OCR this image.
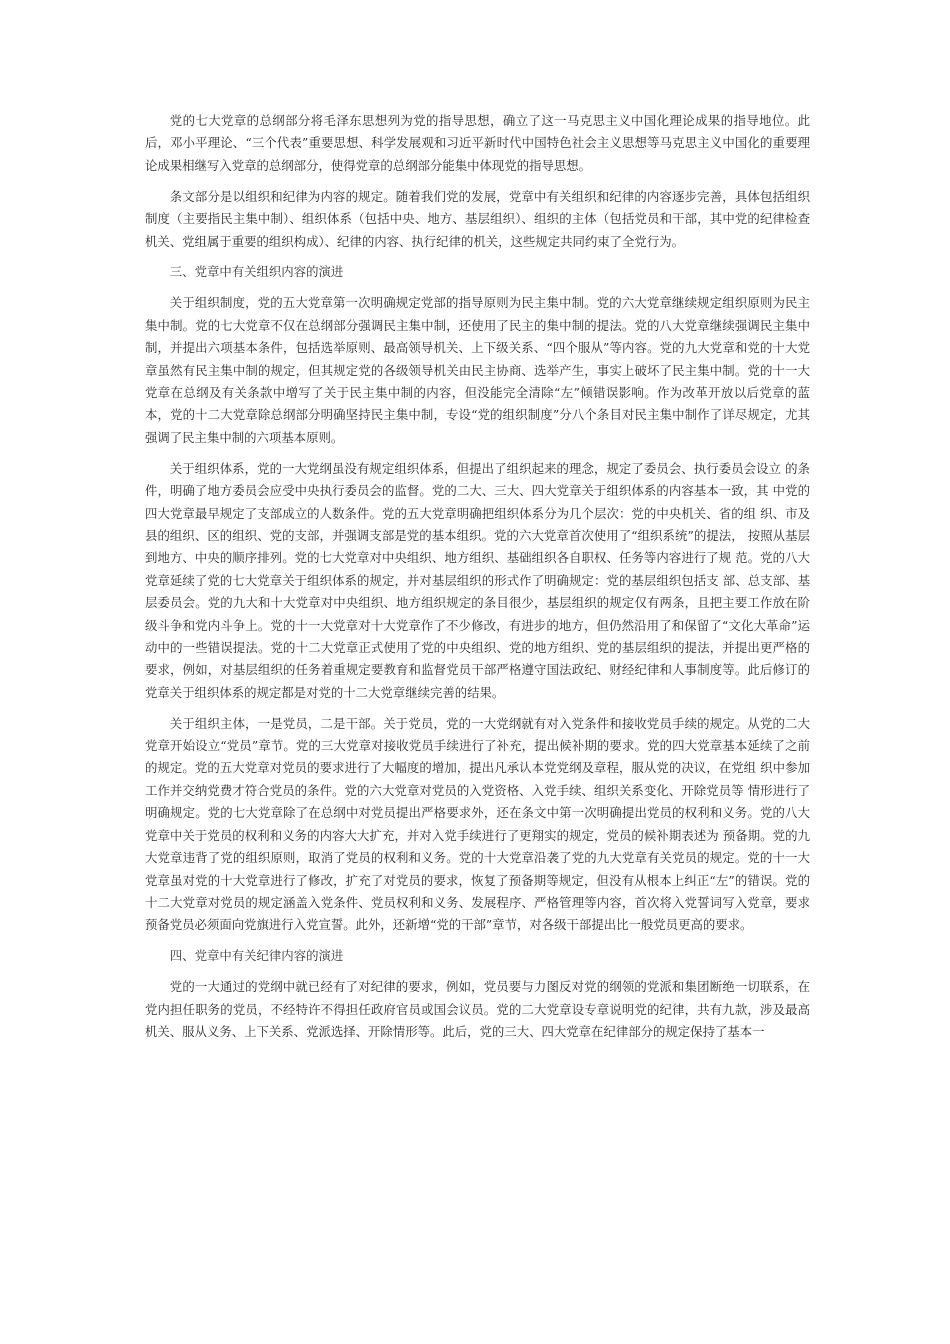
党的七大党章的总纲部分将毛泽东思想列为党的指导思想，确立了这一马克思主义中国化理论成果的指导地位。此后，邓小平理论、“三个代表”重要思想、科学发展观和习近平新时代中国特色社会主义思想等马克思主义中国化的重要理论成果相继写入党章的总纲部分，使得党章的总纲部分能集中体现党的指导思想。

条文部分是以组织和纪律为内容的规定。随着我们党的发展，党章中有关组织和纪律的内容逐步完善，具体包括组织制度（主要指民主集中制）、组织体系（包括中央、地方、基层组织）、组织的主体（包括党员和干部，其中党的纪律检查机关、党组属于重要的组织构成）、纪律的内容、执行纪律的机关，这些规定共同约束了全党行为。

三、党章中有关组织内容的演进

关于组织制度，党的五大党章第一次明确规定党部的指导原则为民主集中制。党的六大党章继续规定组织原则为民主集中制。党的七大党章不仅在总纲部分强调民主集中制，还使用了民主的集中制的提法。党的八大党章继续强调民主集中制，并提出六项基本条件，包括选举原则、最高领导机关、上下级关系、“四个服从”等内容。党的九大党章和党的十大党章虽然有民主集中制的规定，但其规定党的各级领导机关由民主协商、选举产生，事实上破坏了民主集中制。党的十一大党章在总纲及有关条款中增写了关于民主集中制的内容，但没能完全清除“左”倾错误影响。作为改革开放以后党章的蓝本，党的十二大党章除总纲部分明确坚持民主集中制，专设“党的组织制度”分八个条目对民主集中制作了详尽规定，尤其强调了民主集中制的六项基本原则。

关于组织体系，党的一大党纲虽没有规定组织体系，但提出了组织起来的理念，规定了委员会、执行委员会设立 的条件，明确了地方委员会应受中央执行委员会的监督。党的二大、三大、四大党章关于组织体系的内容基本一致，其 中党的四大党章最早规定了支部成立的人数条件。党的五大党章明确把组织体系分为几个层次：党的中央机关、省的组 织、市及县的组织、区的组织、党的支部，并强调支部是党的基本组织。党的六大党章首次使用了“组织系统”的提法， 按照从基层到地方、中央的顺序排列。党的七大党章对中央组织、地方组织、基础组织各自职权、任务等内容进行了规 范。党的八大党章延续了党的七大党章关于组织体系的规定，并对基层组织的形式作了明确规定：党的基层组织包括支 部、总支部、基层委员会。党的九大和十大党章对中央组织、地方组织规定的条目很少，基层组织的规定仅有两条，且把主要工作放在阶级斗争和党内斗争上。党的十一大党章对十大党章作了不少修改，有进步的地方，但仍然沿用了和保留了“文化大革命”运动中的一些错误提法。党的十二大党章正式使用了党的中央组织、党的地方组织、党的基层组织的提法，并提出更严格的要求，例如，对基层组织的任务着重规定要教育和监督党员干部严格遵守国法政纪、财经纪律和人事制度等。此后修订的党章关于组织体系的规定都是对党的十二大党章继续完善的结果。

关于组织主体，一是党员，二是干部。关于党员，党的一大党纲就有对入党条件和接收党员手续的规定。从党的二大党章开始设立“党员”章节。党的三大党章对接收党员手续进行了补充，提出候补期的要求。党的四大党章基本延续了之前的规定。党的五大党章对党员的要求进行了大幅度的增加，提出凡承认本党党纲及章程，服从党的决议，在党组 织中参加工作并交纳党费才符合党员的条件。党的六大党章对党员的入党资格、入党手续、组织关系变化、开除党员等 情形进行了明确规定。党的七大党章除了在总纲中对党员提出严格要求外，还在条文中第一次明确提出党员的权利和义务。党的八大党章中关于党员的权利和义务的内容大大扩充，并对入党手续进行了更翔实的规定，党员的候补期表述为 预备期。党的九大党章违背了党的组织原则，取消了党员的权利和义务。党的十大党章沿袭了党的九大党章有关党员的规定。党的十一大党章虽对党的十大党章进行了修改，扩充了对党员的要求，恢复了预备期等规定，但没有从根本上纠正“左”的错误。党的十二大党章对党员的规定涵盖入党条件、党员权利和义务、发展程序、严格管理等内容，首次将入党誓词写入党章，要求预备党员必须面向党旗进行入党宣誓。此外，还新增“党的干部”章节，对各级干部提出比一般党员更高的要求。

四、党章中有关纪律内容的演进

党的一大通过的党纲中就已经有了对纪律的要求，例如，党员要与力图反对党的纲领的党派和集团断绝一切联系，在党内担任职务的党员，不经特许不得担任政府官员或国会议员。党的二大党章设专章说明党的纪律，共有九款，涉及最高机关、服从义务、上下关系、党派选择、开除情形等。此后，党的三大、四大党章在纪律部分的规定保持了基本一
